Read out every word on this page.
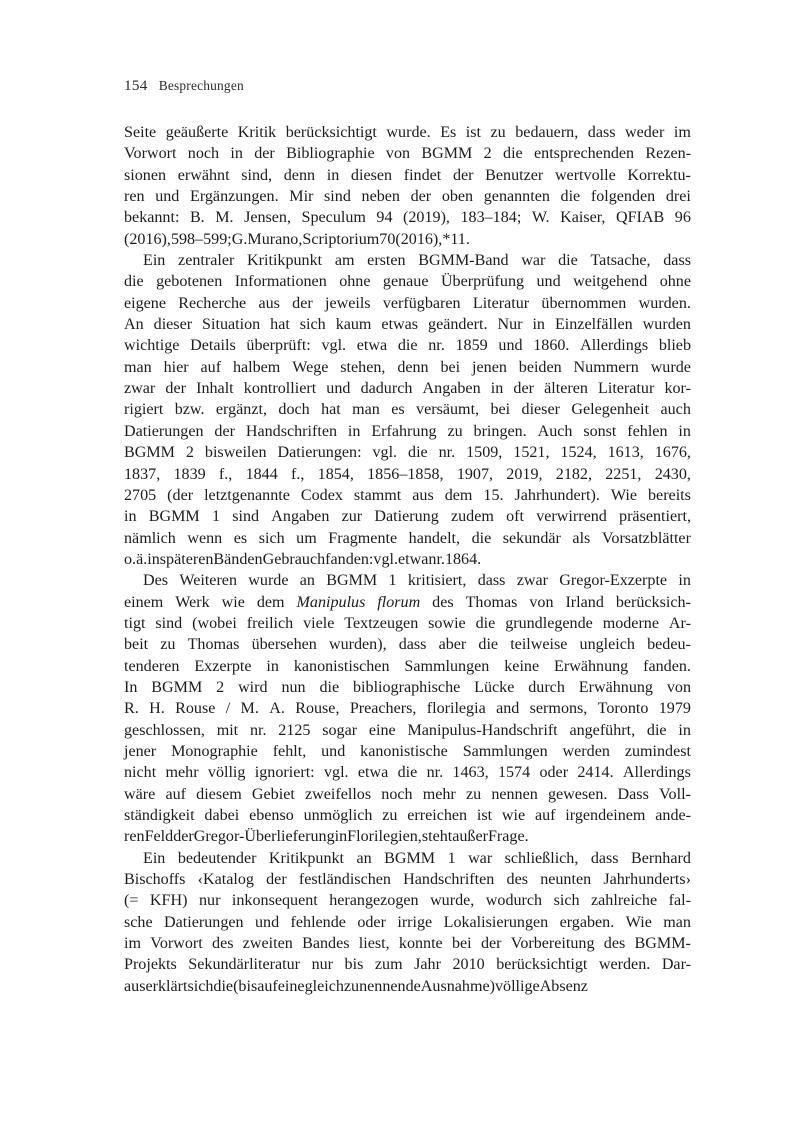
154 Besprechungen
Seite geäußerte Kritik berücksichtigt wurde. Es ist zu bedauern, dass weder im
Vorwort noch in der Bibliographie von BGMM 2 die entsprechenden Rezen-
sionen erwähnt sind, denn in diesen findet der Benutzer wertvolle Korrektu-
ren und Ergänzungen. Mir sind neben der oben genannten die folgenden drei
bekannt: B. M. Jensen, Speculum 94 (2019), 183–184; W. Kaiser, QFIAB 96
(2016), 598–599; G. Murano, Scriptorium 70 (2016), *11.
Ein zentraler Kritikpunkt am ersten BGMM-Band war die Tatsache, dass
die gebotenen Informationen ohne genaue Überprüfung und weitgehend ohne
eigene Recherche aus der jeweils verfügbaren Literatur übernommen wurden.
An dieser Situation hat sich kaum etwas geändert. Nur in Einzelfällen wurden
wichtige Details überprüft: vgl. etwa die nr. 1859 und 1860. Allerdings blieb
man hier auf halbem Wege stehen, denn bei jenen beiden Nummern wurde
zwar der Inhalt kontrolliert und dadurch Angaben in der älteren Literatur kor-
rigiert bzw. ergänzt, doch hat man es versäumt, bei dieser Gelegenheit auch
Datierungen der Handschriften in Erfahrung zu bringen. Auch sonst fehlen in
BGMM 2 bisweilen Datierungen: vgl. die nr. 1509, 1521, 1524, 1613, 1676,
1837, 1839 f., 1844 f., 1854, 1856–1858, 1907, 2019, 2182, 2251, 2430,
2705 (der letztgenannte Codex stammt aus dem 15. Jahrhundert). Wie bereits
in BGMM 1 sind Angaben zur Datierung zudem oft verwirrend präsentiert,
nämlich wenn es sich um Fragmente handelt, die sekundär als Vorsatzblätter
o. ä. in späteren Bänden Gebrauch fanden: vgl. etwa nr. 1864.
Des Weiteren wurde an BGMM 1 kritisiert, dass zwar Gregor-Exzerpte in
einem Werk wie dem Manipulus florum des Thomas von Irland berücksich-
tigt sind (wobei freilich viele Textzeugen sowie die grundlegende moderne Ar-
beit zu Thomas übersehen wurden), dass aber die teilweise ungleich bedeu-
tenderen Exzerpte in kanonistischen Sammlungen keine Erwähnung fanden.
In BGMM 2 wird nun die bibliographische Lücke durch Erwähnung von
R. H. Rouse / M. A. Rouse, Preachers, florilegia and sermons, Toronto 1979
geschlossen, mit nr. 2125 sogar eine Manipulus-Handschrift angeführt, die in
jener Monographie fehlt, und kanonistische Sammlungen werden zumindest
nicht mehr völlig ignoriert: vgl. etwa die nr. 1463, 1574 oder 2414. Allerdings
wäre auf diesem Gebiet zweifellos noch mehr zu nennen gewesen. Dass Voll-
ständigkeit dabei ebenso unmöglich zu erreichen ist wie auf irgendeinem ande-
ren Feld der Gregor-Überlieferung in Florilegien, steht außer Frage.
Ein bedeutender Kritikpunkt an BGMM 1 war schließlich, dass Bernhard
Bischoffs ‹Katalog der festländischen Handschriften des neunten Jahrhunderts›
(= KFH) nur inkonsequent herangezogen wurde, wodurch sich zahlreiche fal-
sche Datierungen und fehlende oder irrige Lokalisierungen ergaben. Wie man
im Vorwort des zweiten Bandes liest, konnte bei der Vorbereitung des BGMM-
Projekts Sekundärliteratur nur bis zum Jahr 2010 berücksichtigt werden. Dar-
aus erklärt sich die (bis auf eine gleich zu nennende Ausnahme) völlige Absenz
